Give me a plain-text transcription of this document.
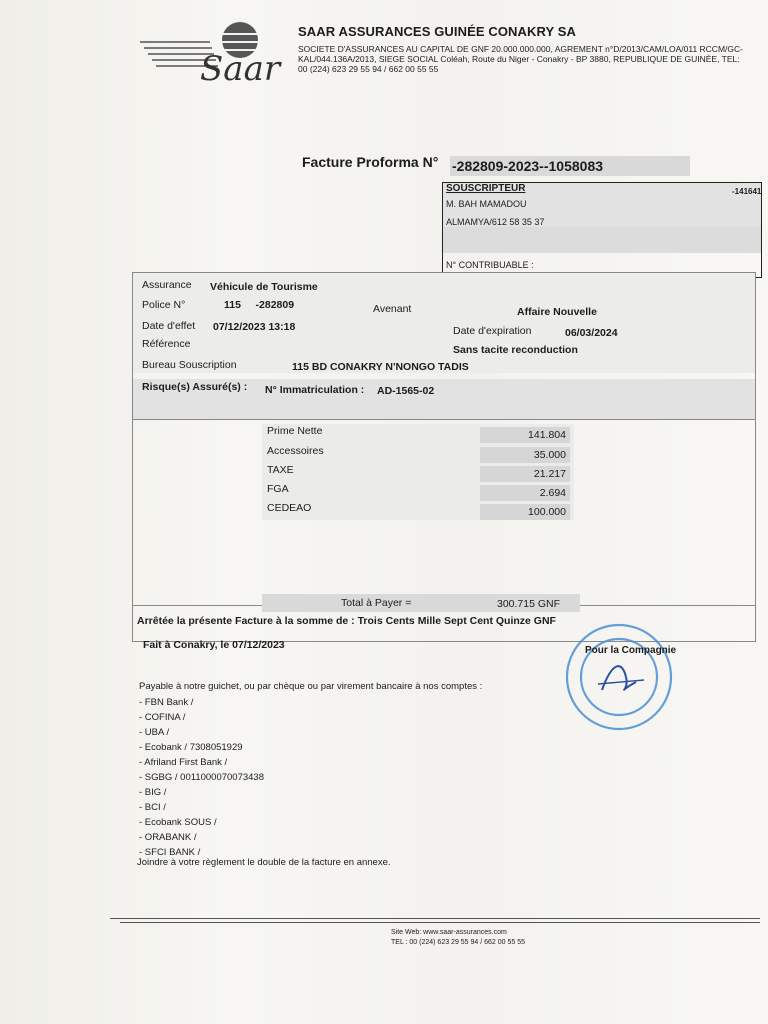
Saar
SAAR ASSURANCES GUINÉE CONAKRY SA
SOCIETE D'ASSURANCES AU CAPITAL DE GNF 20.000.000.000, AGREMENT n°D/2013/CAM/LOA/011 RCCM/GC-
KAL/044.136A/2013, SIEGE SOCIAL Coléah, Route du Niger - Conakry - BP 3880, REPUBLIQUE DE GUINÉE, TEL:
00 (224) 623 29 55 94 / 662 00 55 55
Facture Proforma N° -282809-2023--1058083
SOUSCRIPTEUR	-141641
M. BAH MAMADOU
ALMAMYA/612 58 35 37
N° CONTRIBUABLE :
Assurance Véhicule de Tourisme
Police N°	115     -282809	Avenant	Affaire Nouvelle
Date d'effet 07/12/2023 13:18	Date d'expiration	06/03/2024
Référence	Sans tacite reconduction
Bureau Souscription	115 BD CONAKRY N'NONGO TADIS
Risque(s) Assuré(s) : N° Immatriculation : AD-1565-02
Prime Nette	141.804
Accessoires	35.000
TAXE	21.217
FGA	2.694
CEDEAO	100.000
Total à Payer =	300.715 GNF
Arrêtée la présente Facture à la somme de : Trois Cents Mille Sept Cent Quinze GNF
Fait à Conakry, le 07/12/2023	Pour la Compagnie
Payable à notre guichet, ou par chèque ou par virement bancaire à nos comptes :
- FBN Bank /
- COFINA /
- UBA /
- Ecobank / 7308051929
- Afriland First Bank /
- SGBG / 0011000070073438
- BIG /
- BCI /
- Ecobank SOUS /
- ORABANK /
- SFCI BANK /
Joindre à votre règlement le double de la facture en annexe.
Site Web: www.saar-assurances.com
TEL : 00 (224) 623 29 55 94 / 662 00 55 55
